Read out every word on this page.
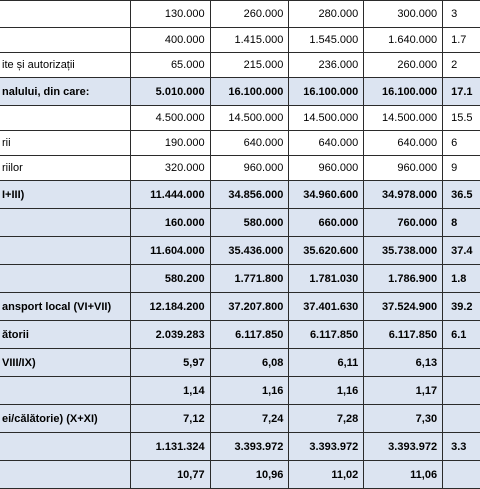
	130.000	260.000	280.000	300.000	3
	400.000	1.415.000	1.545.000	1.640.000	1.7
ite și autorizații	65.000	215.000	236.000	260.000	2
nalului, din care:	5.010.000	16.100.000	16.100.000	16.100.000	17.1
	4.500.000	14.500.000	14.500.000	14.500.000	15.5
rii	190.000	640.000	640.000	640.000	6
riilor	320.000	960.000	960.000	960.000	9
I+III)	11.444.000	34.856.000	34.960.600	34.978.000	36.5
	160.000	580.000	660.000	760.000	8
	11.604.000	35.436.000	35.620.600	35.738.000	37.4
	580.200	1.771.800	1.781.030	1.786.900	1.8
ansport local (VI+VII)	12.184.200	37.207.800	37.401.630	37.524.900	39.2
ătorii	2.039.283	6.117.850	6.117.850	6.117.850	6.1
VIII/IX)	5,97	6,08	6,11	6,13	
	1,14	1,16	1,16	1,17	
ei/călătorie) (X+XI)	7,12	7,24	7,28	7,30	
	1.131.324	3.393.972	3.393.972	3.393.972	3.3
	10,77	10,96	11,02	11,06	
